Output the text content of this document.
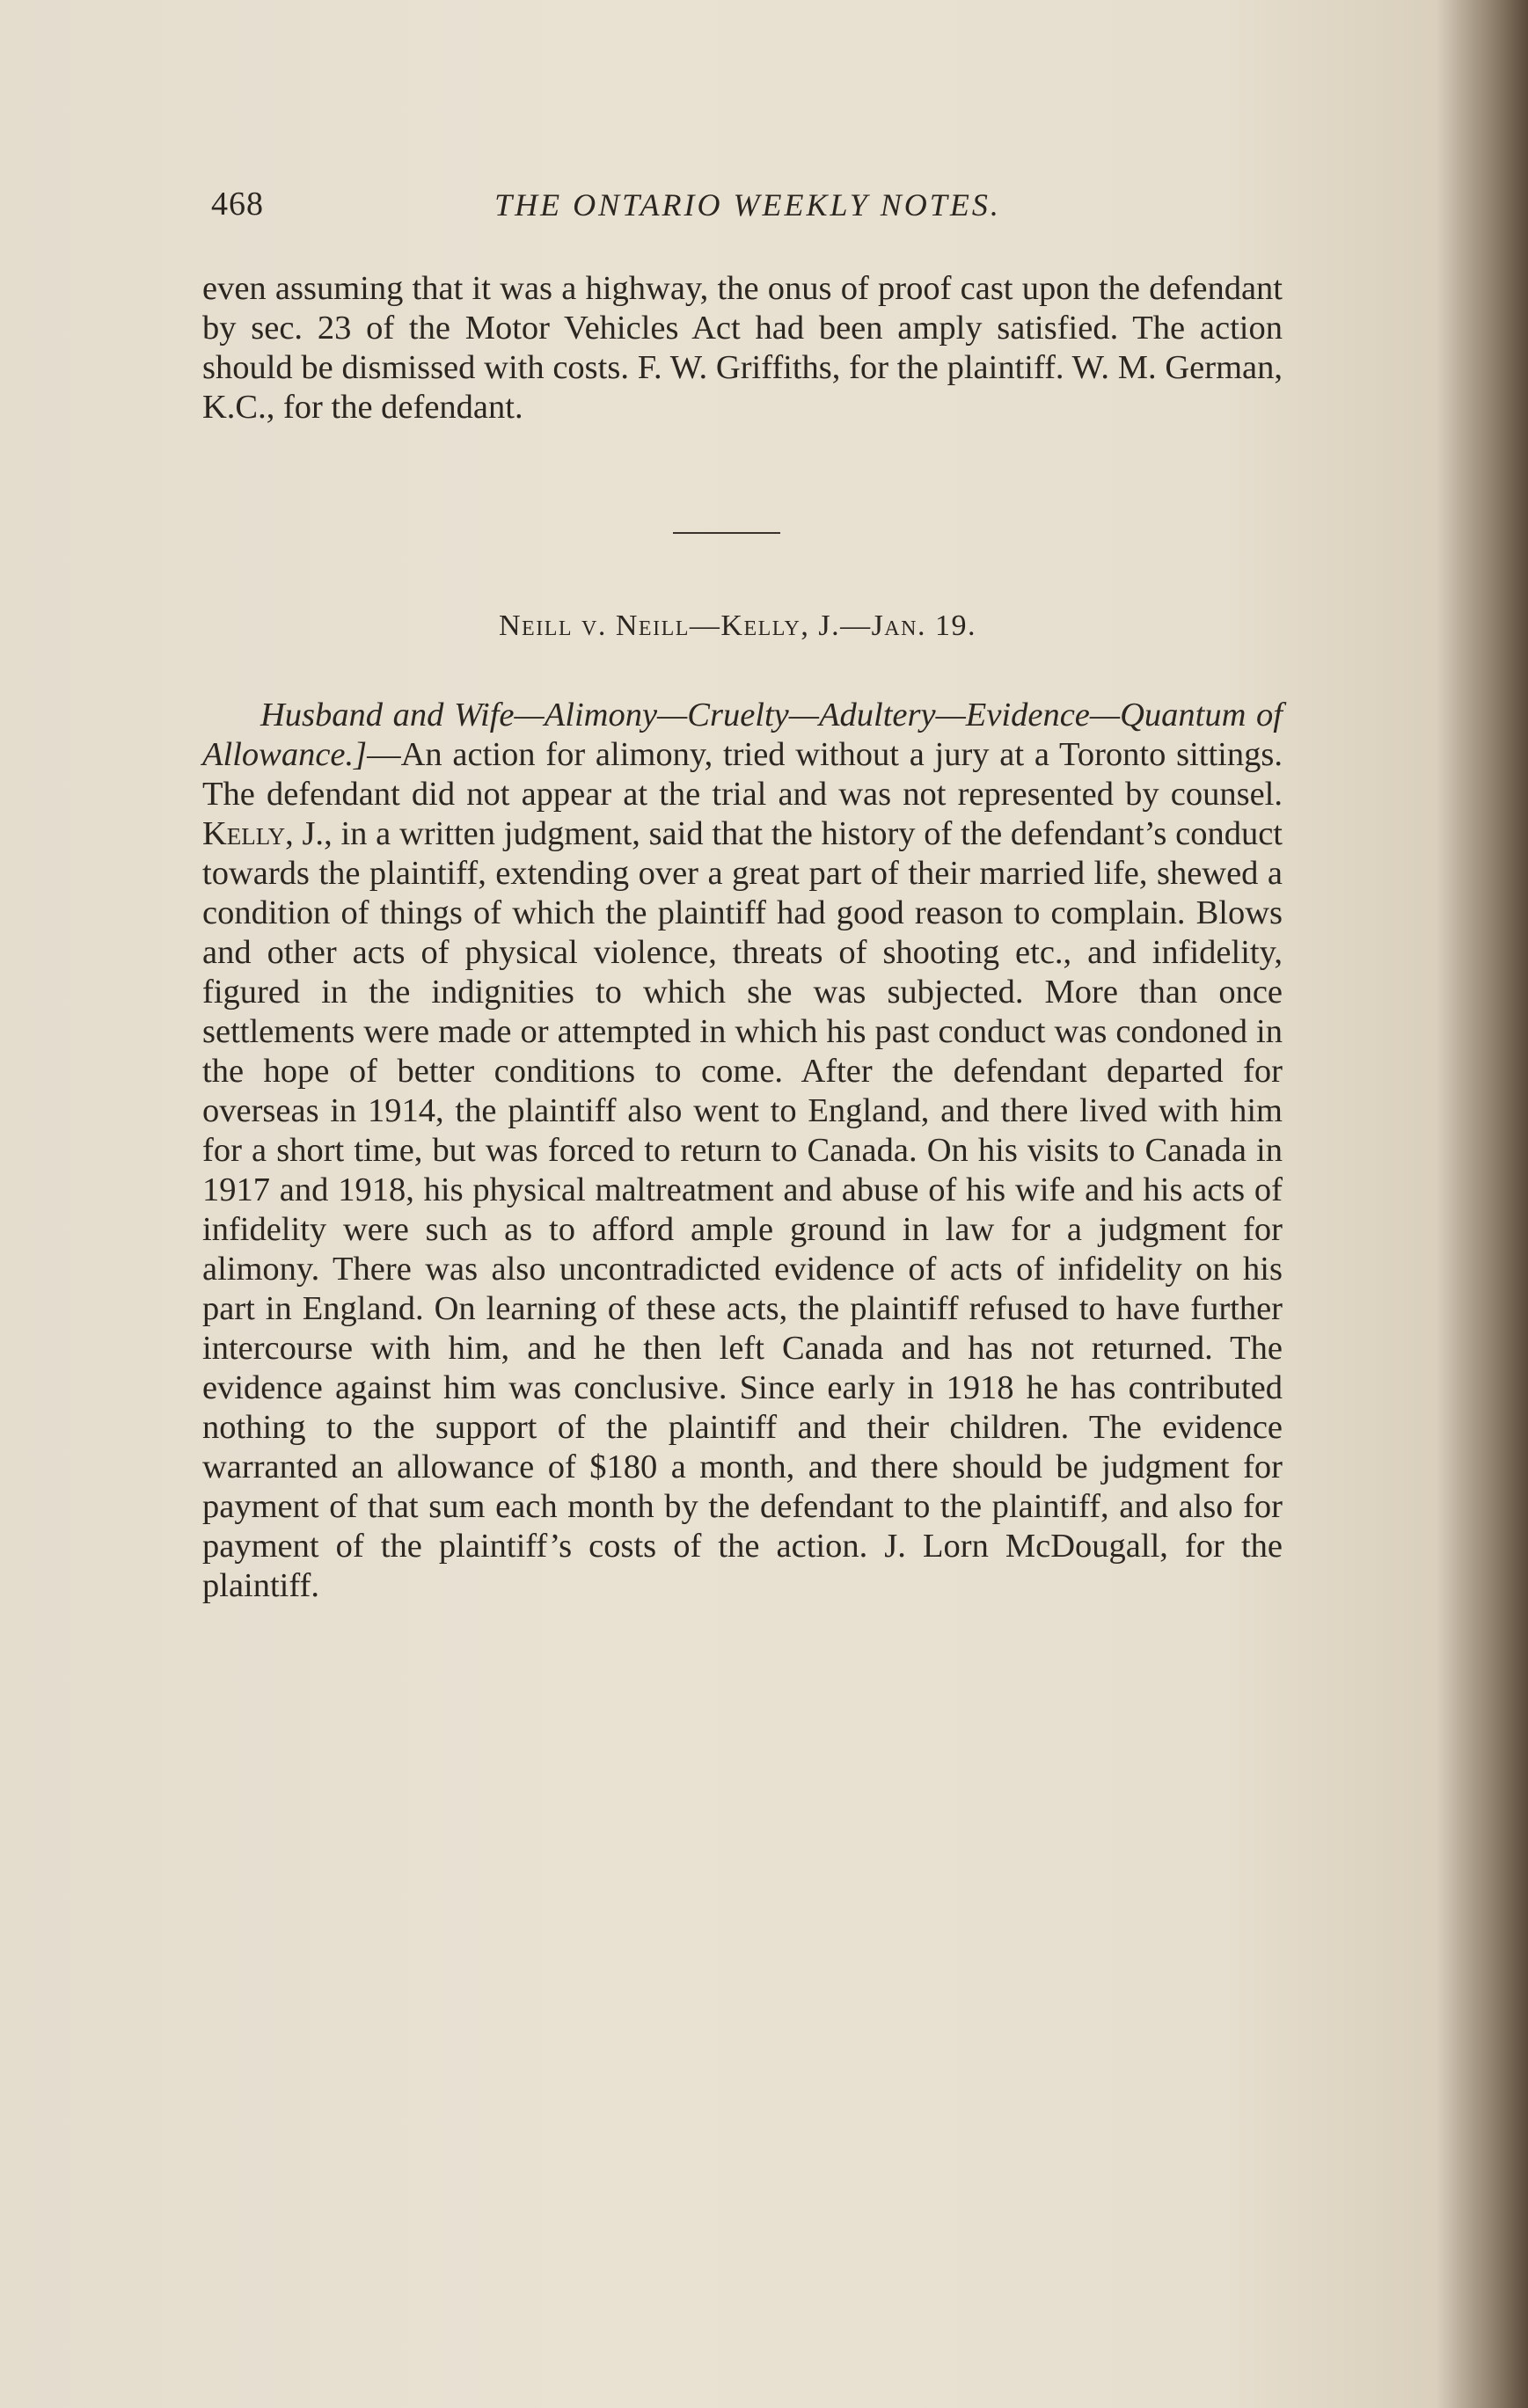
468	THE ONTARIO WEEKLY NOTES.

even assuming that it was a highway, the onus of proof cast upon the defendant by sec. 23 of the Motor Vehicles Act had been amply satisfied. The action should be dismissed with costs. F. W. Griffiths, for the plaintiff. W. M. German, K.C., for the defendant.

Neill v. Neill—Kelly, J.—Jan. 19.

Husband and Wife—Alimony—Cruelty—Adultery—Evidence—Quantum of Allowance.]—An action for alimony, tried without a jury at a Toronto sittings. The defendant did not appear at the trial and was not represented by counsel. Kelly, J., in a written judgment, said that the history of the defendant’s conduct towards the plaintiff, extending over a great part of their married life, shewed a condition of things of which the plaintiff had good reason to complain. Blows and other acts of physical violence, threats of shooting etc., and infidelity, figured in the indignities to which she was subjected. More than once settlements were made or attempted in which his past conduct was condoned in the hope of better conditions to come. After the defendant departed for overseas in 1914, the plaintiff also went to England, and there lived with him for a short time, but was forced to return to Canada. On his visits to Canada in 1917 and 1918, his physical maltreatment and abuse of his wife and his acts of infidelity were such as to afford ample ground in law for a judgment for alimony. There was also uncontradicted evidence of acts of infidelity on his part in England. On learning of these acts, the plaintiff refused to have further intercourse with him, and he then left Canada and has not returned. The evidence against him was conclusive. Since early in 1918 he has contributed nothing to the support of the plaintiff and their children. The evidence warranted an allowance of $180 a month, and there should be judgment for payment of that sum each month by the defendant to the plaintiff, and also for payment of the plaintiff’s costs of the action. J. Lorn McDougall, for the plaintiff.
